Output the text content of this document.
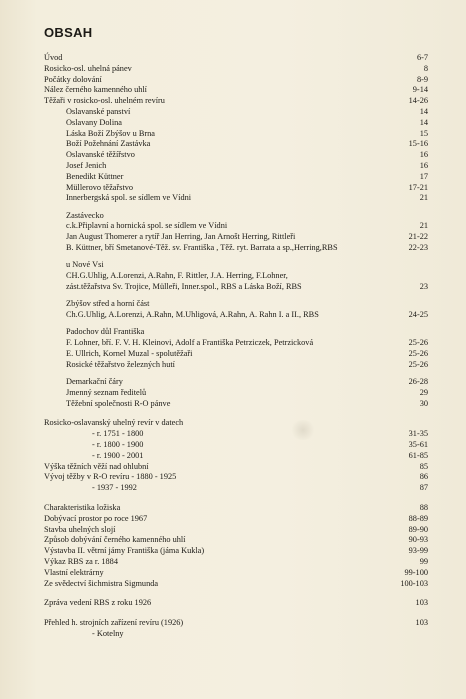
OBSAH
Úvod	6-7
Rosicko-osl. uhelná pánev	8
Počátky dolování	8-9
Nález černého kamenného uhlí	9-14
Těžaři v rosicko-osl. uhelném revíru	14-26
Oslavanské panství	14
Oslavany Dolina	14
Láska Boží Zbýšov u Brna	15
Boží Požehnání Zastávka	15-16
Oslavanské těžířstvo	16
Josef Jenich	16
Benedikt Küttner	17
Müllerovo těžařstvo	17-21
Innerbergská spol. se sídlem ve Vídni	21
Zastávecko
c.k.Připlavní a hornická spol. se sídlem ve Vídni	21
Jan August Thomerer a rytíř Jan Herring, Jan Arnošt Herring, Rittleři	21-22
B. Küttner, bří Smetanové-Těž. sv. Františka , Těž. ryt. Barrata a sp.,Herring,RBS	22-23
u Nové Vsi
CH.G.Uhlig, A.Lorenzi, A.Rahn, F. Rittler, J.A. Herring, F.Lohner,
zást.těžařstva Sv. Trojice, Mülleři, Inner.spol., RBS a Láska Boží, RBS	23
Zbýšov střed a horní část
Ch.G.Uhlig, A.Lorenzi, A.Rahn, M.Uhligová, A.Rahn, A. Rahn I. a II., RBS	24-25
Padochov důl Františka
F. Lohner, bří. F. V. H. Kleinovi, Adolf a Františka Petrziczek, Petrzicková	25-26
E. Ullrich, Kornel Muzal - spolutěžaři	25-26
Rosické těžařstvo železných hutí	25-26
Demarkační čáry	26-28
Jmenný seznam ředitelů	29
Těžební společnosti R-O pánve	30
Rosicko-oslavanský uhelný revír v datech
- r. 1751 - 1800	31-35
- r. 1800 - 1900	35-61
- r. 1900 - 2001	61-85
Výška těžních věží nad ohlubní	85
Vývoj těžby v R-O revíru - 1880 - 1925	86
- 1937 - 1992	87
Charakteristika ložiska	88
Dobývací prostor po roce 1967	88-89
Stavba uhelných slojí	89-90
Způsob dobývání černého kamenného uhlí	90-93
Výstavba II. větrní jámy Františka (jáma Kukla)	93-99
Výkaz RBS za r. 1884	99
Vlastní elektrárny	99-100
Ze svědectví šichmistra Sigmunda	100-103
Zpráva vedení RBS z roku 1926	103
Přehled h. strojních zařízení revíru (1926)	103
- Kotelny
